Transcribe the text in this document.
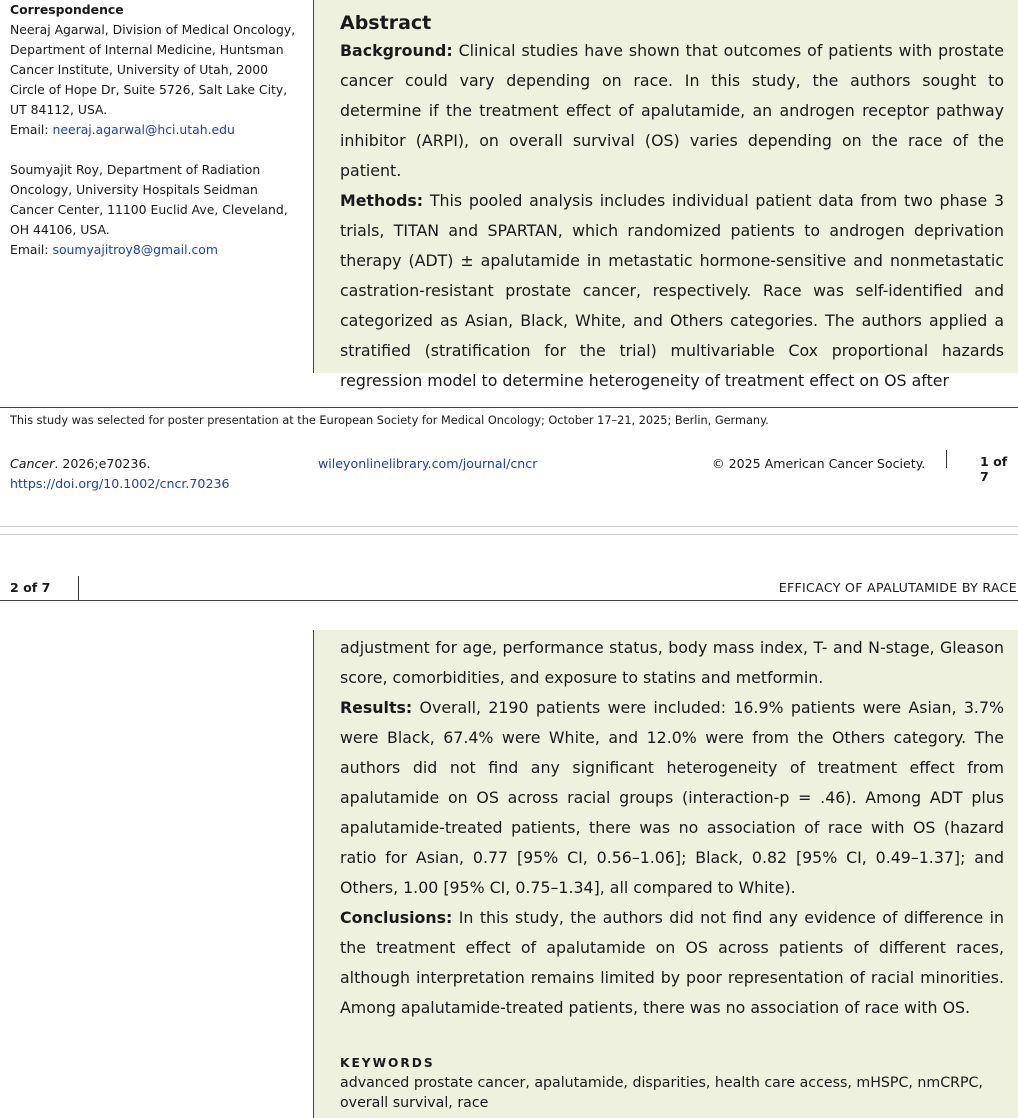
Correspondence
Neeraj Agarwal, Division of Medical Oncology,
Department of Internal Medicine, Huntsman
Cancer Institute, University of Utah, 2000
Circle of Hope Dr, Suite 5726, Salt Lake City,
UT 84112, USA.
Email: neeraj.agarwal@hci.utah.edu
Soumyajit Roy, Department of Radiation
Oncology, University Hospitals Seidman
Cancer Center, 11100 Euclid Ave, Cleveland,
OH 44106, USA.
Email: soumyajitroy8@gmail.com
Abstract

Background: Clinical studies have shown that outcomes of patients with prostate cancer could vary depending on race. In this study, the authors sought to determine if the treatment effect of apalutamide, an androgen receptor pathway inhibitor (ARPI), on overall survival (OS) varies depending on the race of the patient.

Methods: This pooled analysis includes individual patient data from two phase 3 trials, TITAN and SPARTAN, which randomized patients to androgen deprivation therapy (ADT) ± apalutamide in metastatic hormone-sensitive and nonmetastatic castration-resistant prostate cancer, respectively. Race was self-identified and categorized as Asian, Black, White, and Others categories. The authors applied a stratified (stratification for the trial) multivariable Cox proportional hazards regression model to determine heterogeneity of treatment effect on OS after

This study was selected for poster presentation at the European Society for Medical Oncology; October 17–21, 2025; Berlin, Germany.
Cancer. 2026;e70236.
https://doi.org/10.1002/cncr.70236
wileyonlinelibrary.com/journal/cncr	© 2025 American Cancer Society.	1 of 7
2 of 7	EFFICACY OF APALUTAMIDE BY RACE

adjustment for age, performance status, body mass index, T- and N-stage, Gleason score, comorbidities, and exposure to statins and metformin.

Results: Overall, 2190 patients were included: 16.9% patients were Asian, 3.7% were Black, 67.4% were White, and 12.0% were from the Others category. The authors did not find any significant heterogeneity of treatment effect from apalutamide on OS across racial groups (interaction-p = .46). Among ADT plus apalutamide-treated patients, there was no association of race with OS (hazard ratio for Asian, 0.77 [95% CI, 0.56–1.06]; Black, 0.82 [95% CI, 0.49–1.37]; and Others, 1.00 [95% CI, 0.75–1.34], all compared to White).

Conclusions: In this study, the authors did not find any evidence of difference in the treatment effect of apalutamide on OS across patients of different races, although interpretation remains limited by poor representation of racial minorities. Among apalutamide-treated patients, there was no association of race with OS.

KEYWORDS
advanced prostate cancer, apalutamide, disparities, health care access, mHSPC, nmCRPC, overall survival, race
